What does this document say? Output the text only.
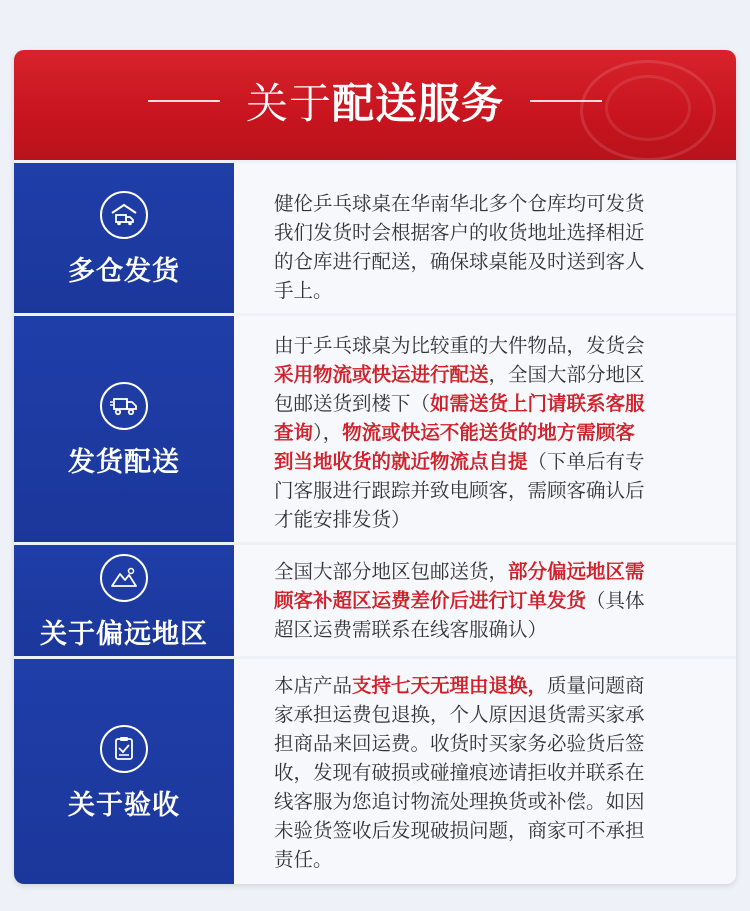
关于配送服务
多仓发货

健伦乒乓球桌在华南华北多个仓库均可发货

我们发货时会根据客户的收货地址选择相近

的仓库进行配送，确保球桌能及时送到客人

手上。

发货配送

由于乒乓球桌为比较重的大件物品，发货会

采用物流或快运进行配送，全国大部分地区

包邮送货到楼下（如需送货上门请联系客服

查询），物流或快运不能送货的地方需顾客

到当地收货的就近物流点自提（下单后有专

门客服进行跟踪并致电顾客，需顾客确认后

才能安排发货）

关于偏远地区

全国大部分地区包邮送货，部分偏远地区需

顾客补超区运费差价后进行订单发货（具体

超区运费需联系在线客服确认）

关于验收

本店产品支持七天无理由退换，质量问题商

家承担运费包退换，个人原因退货需买家承

担商品来回运费。收货时买家务必验货后签

收，发现有破损或碰撞痕迹请拒收并联系在

线客服为您追讨物流处理换货或补偿。如因

未验货签收后发现破损问题，商家可不承担

责任。
